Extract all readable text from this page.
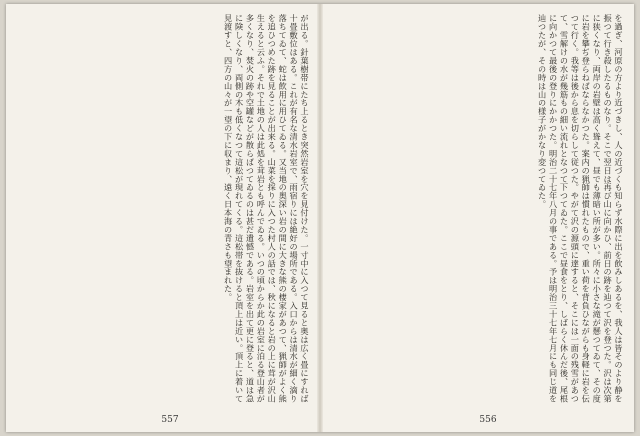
が出る。針葉樹帯にたち上るとき突然岩室を穴を見付けた。一寸中に入つて見ると奥は広く畳にすれば十畳敷位はある。これが有名な清水岩室で、雨宿りには絶好の場所である。入口からは清水が細く滴り落ちてゐて、蛇は飲用に用ひてゐる。又当地の奥深い岩の間に大きな熊の棲家があつて、猟師がよく熊を追ひつめた跡を見ることが出来る。山菜を採りに入つた村人の話では、秋になると岩の上に茸が沢山生えると云ふ。それで土地の人は此処を茸岩とも呼んでゐる。いつの頃からか此の岩室に泊る登山者が多くなり、焚火の跡や空罐などが散らばつてゐるのは甚だ遺憾である。岩室を出て更に登ると、道は急に険しくなり、両側の木も低くなつて這松が現れてくる。這松帯を抜けると頂上は近い。頂上に着いて見渡すと、四方の山々が一望の下に収まり、遠く日本海の青さも望まれた。	を過ぎ、河原の方より近づきし、人の近づくも知らず水際に出を飲みしあるを、我人は皆そのより静を振つて行き殺したるものなり。そこで翌日は再び山に向かひ、前日の跡を辿つて沢を登つた。沢は次第に狭くなり、両岸の岩壁は高く聳えて、昼でも薄暗い所が多い。所々に小さな滝が懸つてゐて、その度に岩を攀ぢ登らねばならなかつた。案内の猟師は慣れたもので、重い荷を背負ひながらも身軽に岩を伝つて行く。我等は後から息を切らして従つた。やがて沢の源頭に達すると、そこには一面の残雪があつて、雪解けの水が幾筋もの細い流れとなつて下つてゐた。ここで昼食をとり、しばらく休んだ後、尾根に向かつて最後の登りにかかつた。明治二十七年八月の事である。予は明治三十七年七月にも同じ道を辿つたが、その時は山の様子がかなり変つてゐた。

557	556
